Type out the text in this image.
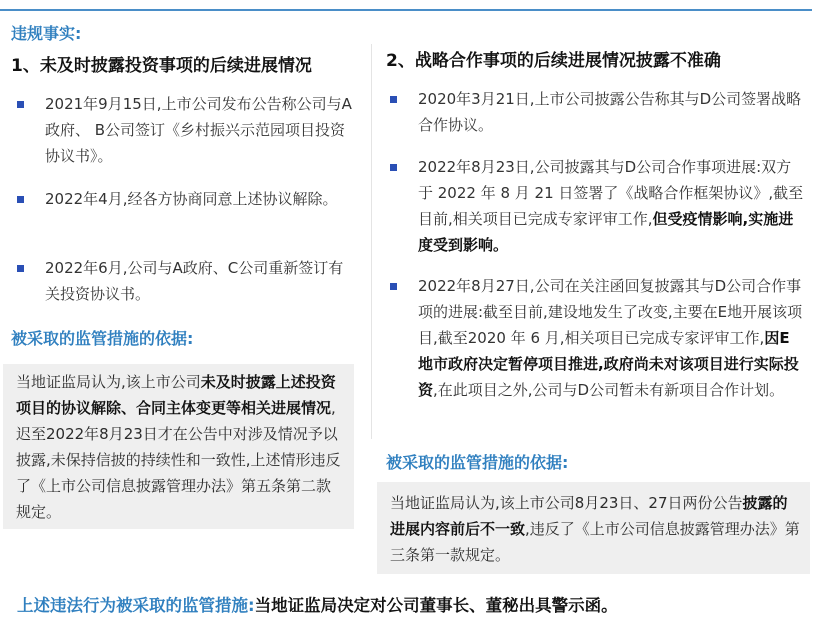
违规事实:
1、未及时披露投资事项的后续进展情况
2021年9月15日,上市公司发布公告称公司与A政府、 B公司签订《乡村振兴示范园项目投资协议书》。
2022年4月,经各方协商同意上述协议解除。
2022年6月,公司与A政府、C公司重新签订有关投资协议书。
被采取的监管措施的依据:
当地证监局认为,该上市公司未及时披露上述投资项目的协议解除、合同主体变更等相关进展情况,迟至2022年8月23日才在公告中对涉及情况予以披露,未保持信披的持续性和一致性,上述情形违反了《上市公司信息披露管理办法》第五条第二款规定。
2、战略合作事项的后续进展情况披露不准确
2020年3月21日,上市公司披露公告称其与D公司签署战略合作协议。
2022年8月23日,公司披露其与D公司合作事项进展:双方于 2022 年 8 月 21 日签署了《战略合作框架协议》,截至目前,相关项目已完成专家评审工作,但受疫情影响,实施进度受到影响。
2022年8月27日,公司在关注函回复披露其与D公司合作事项的进展:截至目前,建设地发生了改变,主要在E地开展该项目,截至2020 年 6 月,相关项目已完成专家评审工作,因E地市政府决定暂停项目推进,政府尚未对该项目进行实际投资,在此项目之外,公司与D公司暂未有新项目合作计划。
被采取的监管措施的依据:
当地证监局认为,该上市公司8月23日、27日两份公告披露的进展内容前后不一致,违反了《上市公司信息披露管理办法》第三条第一款规定。
上述违法行为被采取的监管措施:当地证监局决定对公司董事长、董秘出具警示函。
